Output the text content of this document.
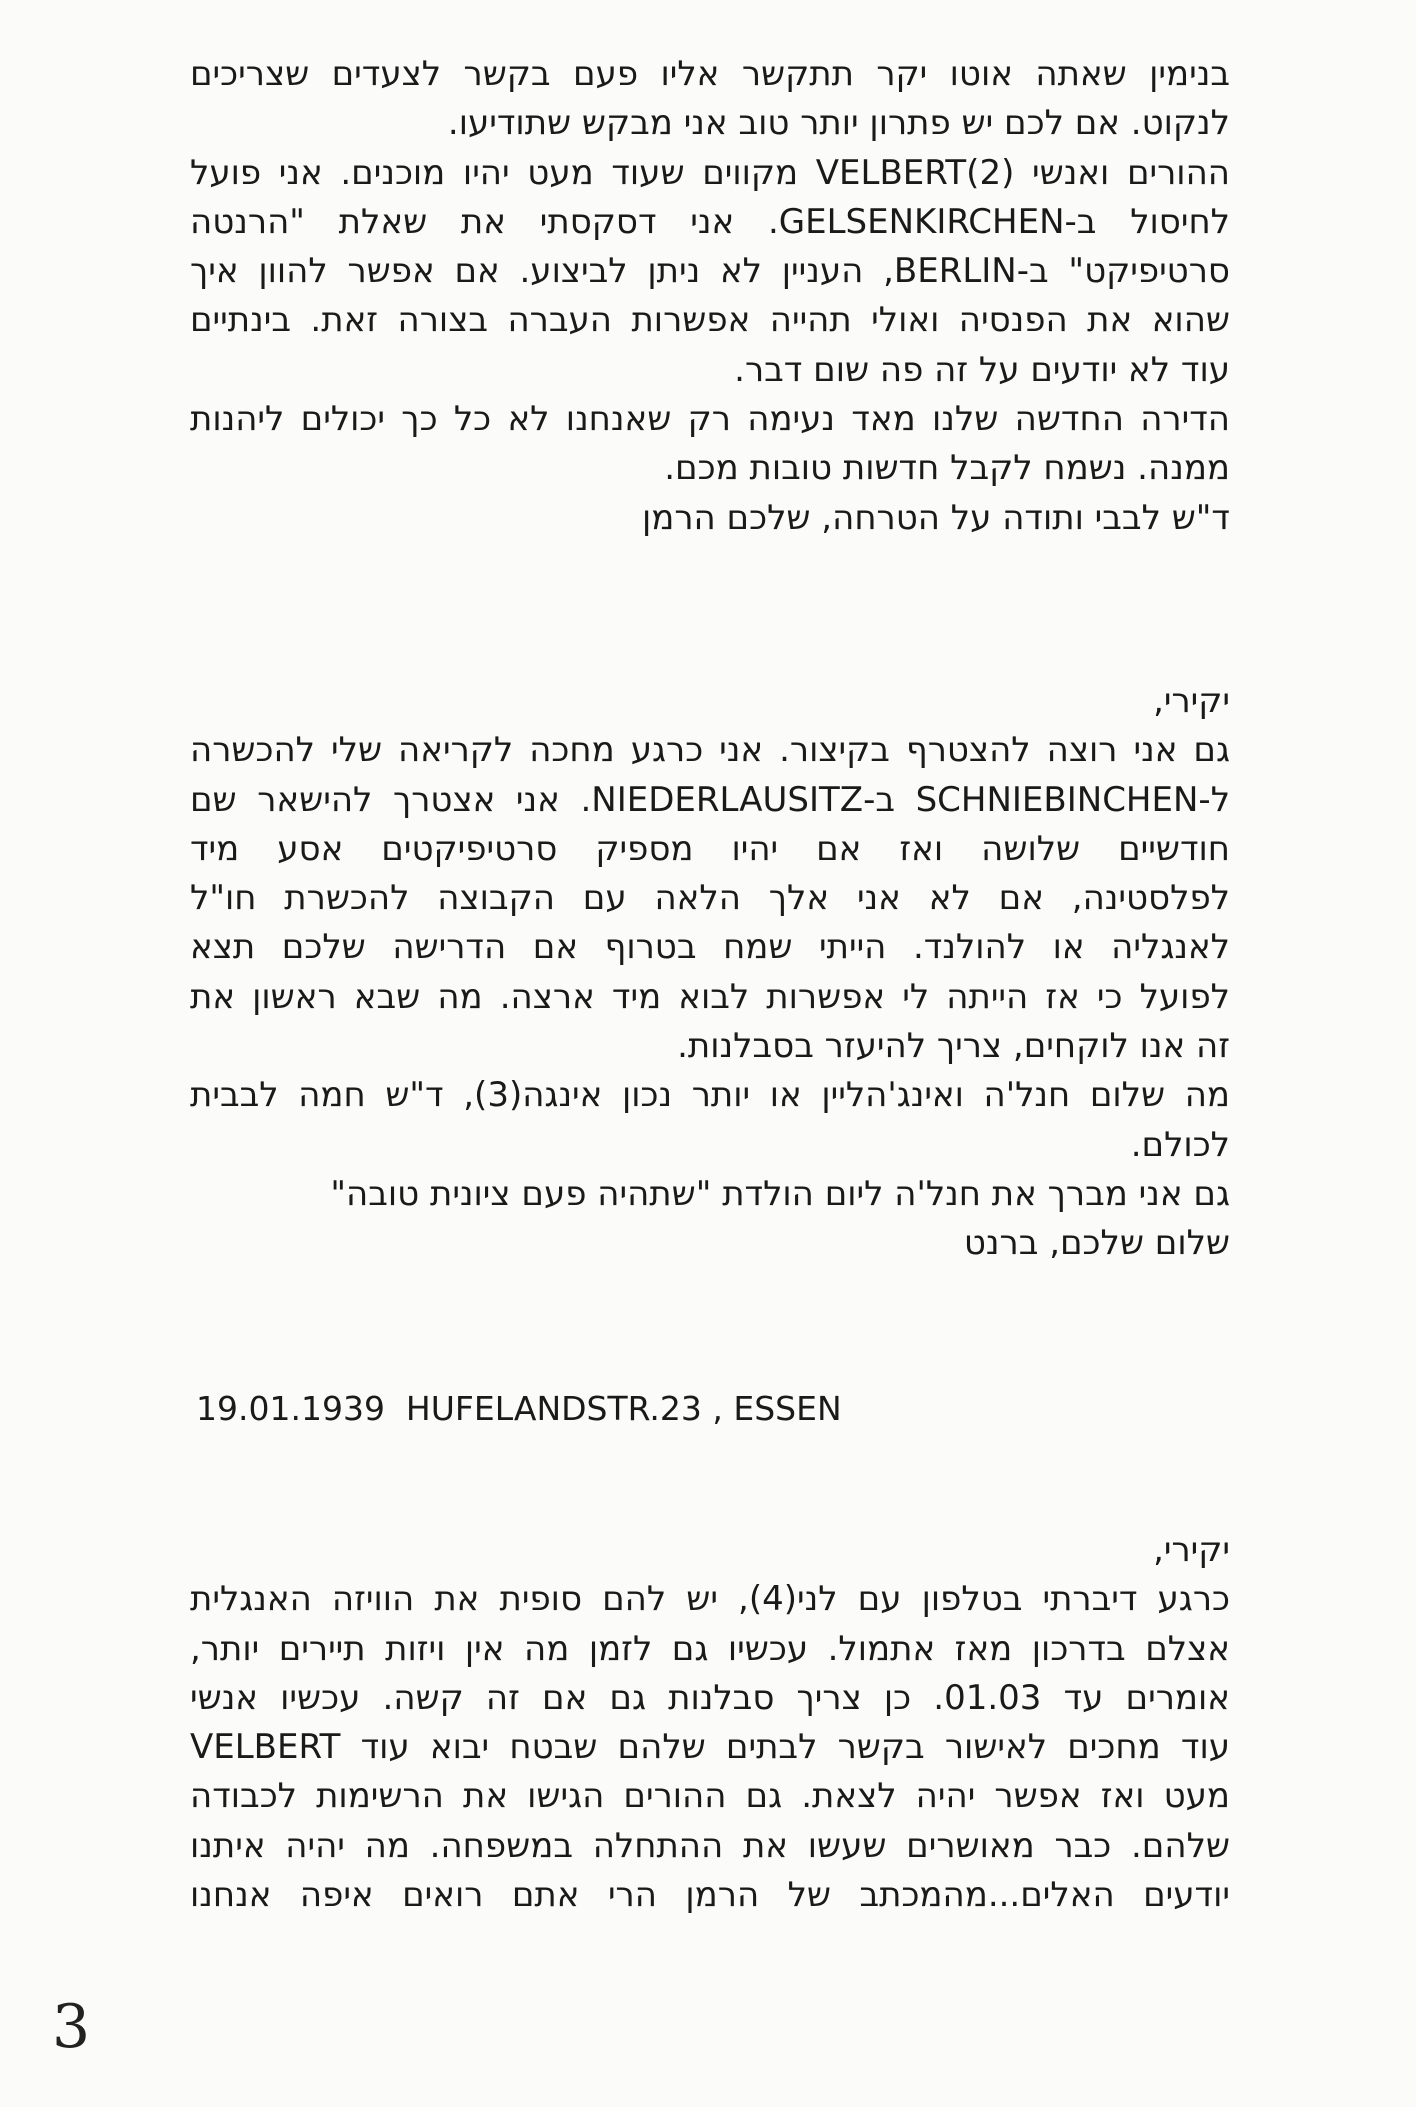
בנימין שאתה אוטו יקר תתקשר אליו פעם בקשר לצעדים שצריכים
לנקוט. אם לכם יש פתרון יותר טוב אני מבקש שתודיעו.
ההורים ואנשי VELBERT(2) מקווים שעוד מעט יהיו מוכנים. אני פועל
לחיסול ב-GELSENKIRCHEN. אני דסקסתי את שאלת "הרנטה
סרטיפיקט" ב-BERLIN, העניין לא ניתן לביצוע. אם אפשר להוון איך
שהוא את הפנסיה ואולי תהייה אפשרות העברה בצורה זאת. בינתיים
עוד לא יודעים על זה פה שום דבר.
הדירה החדשה שלנו מאד נעימה רק שאנחנו לא כל כך יכולים ליהנות
ממנה. נשמח לקבל חדשות טובות מכם.
ד"ש לבבי ותודה על הטרחה, שלכם הרמן
יקירי,
גם אני רוצה להצטרף בקיצור. אני כרגע מחכה לקריאה שלי להכשרה
ל-SCHNIEBINCHEN ב-NIEDERLAUSITZ. אני אצטרך להישאר שם
חודשיים שלושה ואז אם יהיו מספיק סרטיפיקטים אסע מיד
לפלסטינה, אם לא אני אלך הלאה עם הקבוצה להכשרת חו"ל
לאנגליה או להולנד. הייתי שמח בטרוף אם הדרישה שלכם תצא
לפועל כי אז הייתה לי אפשרות לבוא מיד ארצה. מה שבא ראשון את
זה אנו לוקחים, צריך להיעזר בסבלנות.
מה שלום חנל'ה ואינג'הליין או יותר נכון אינגה(3), ד"ש חמה לבבית
לכולם.
גם אני מברך את חנל'ה ליום הולדת "שתהיה פעם ציונית טובה"
שלום שלכם, ברנט
19.01.1939  HUFELANDSTR.23 , ESSEN
יקירי,
כרגע דיברתי בטלפון עם לני(4), יש להם סופית את הוויזה האנגלית
אצלם בדרכון מאז אתמול. עכשיו גם לזמן מה אין ויזות תיירים יותר,
אומרים עד 01.03. כן צריך סבלנות גם אם זה קשה. עכשיו אנשי
VELBERT עוד מחכים לאישור בקשר לבתים שלהם שבטח יבוא עוד
מעט ואז אפשר יהיה לצאת. גם ההורים הגישו את הרשימות לכבודה
שלהם. כבר מאושרים שעשו את ההתחלה במשפחה. מה יהיה איתנו
יודעים האלים...מהמכתב של הרמן הרי אתם רואים איפה אנחנו
3
